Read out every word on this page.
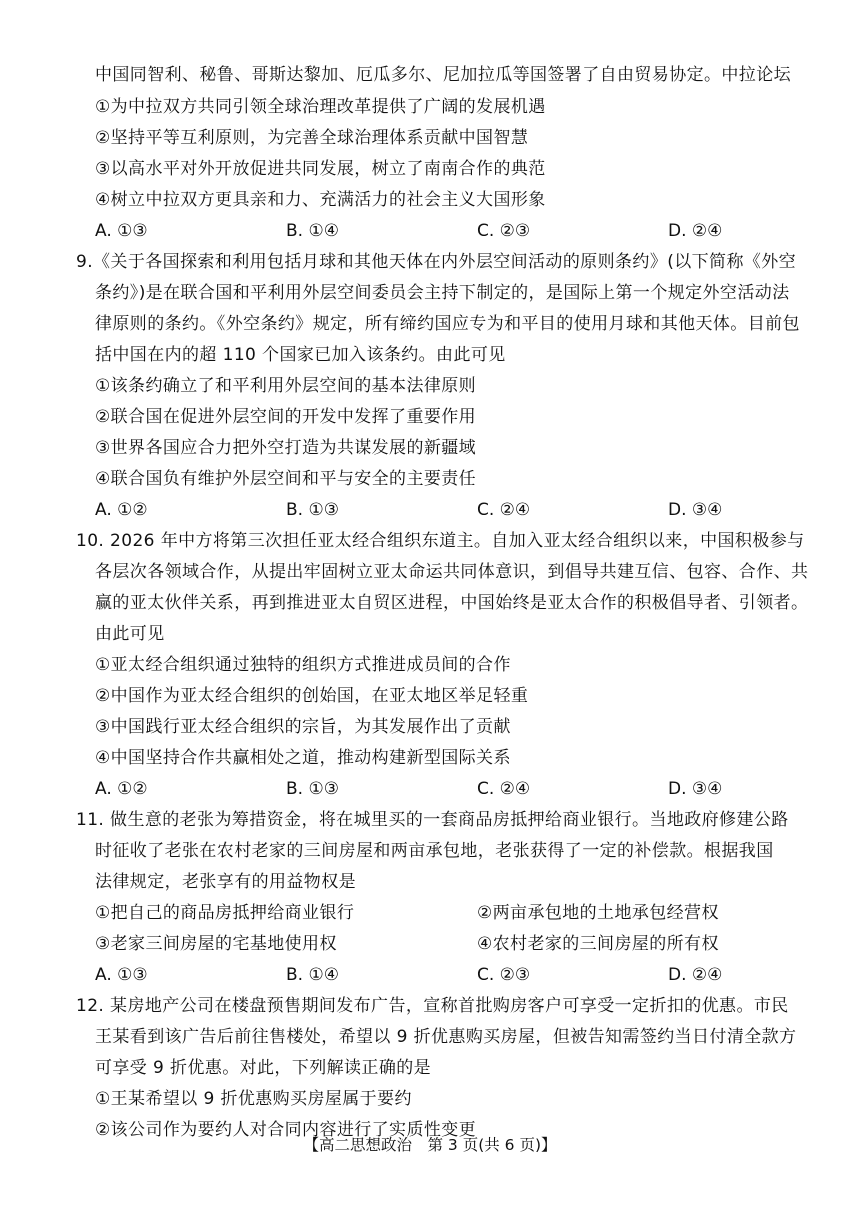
中国同智利、秘鲁、哥斯达黎加、厄瓜多尔、尼加拉瓜等国签署了自由贸易协定。中拉论坛
①为中拉双方共同引领全球治理改革提供了广阔的发展机遇
②坚持平等互利原则，为完善全球治理体系贡献中国智慧
③以高水平对外开放促进共同发展，树立了南南合作的典范
④树立中拉双方更具亲和力、充满活力的社会主义大国形象
A. ①③	B. ①④	C. ②③	D. ②④
9.《关于各国探索和利用包括月球和其他天体在内外层空间活动的原则条约》(以下简称《外空
条约》)是在联合国和平利用外层空间委员会主持下制定的，是国际上第一个规定外空活动法
律原则的条约。《外空条约》规定，所有缔约国应专为和平目的使用月球和其他天体。目前包
括中国在内的超 110 个国家已加入该条约。由此可见
①该条约确立了和平利用外层空间的基本法律原则
②联合国在促进外层空间的开发中发挥了重要作用
③世界各国应合力把外空打造为共谋发展的新疆域
④联合国负有维护外层空间和平与安全的主要责任
A. ①②	B. ①③	C. ②④	D. ③④
10. 2026 年中方将第三次担任亚太经合组织东道主。自加入亚太经合组织以来，中国积极参与
各层次各领域合作，从提出牢固树立亚太命运共同体意识，到倡导共建互信、包容、合作、共
赢的亚太伙伴关系，再到推进亚太自贸区进程，中国始终是亚太合作的积极倡导者、引领者。
由此可见
①亚太经合组织通过独特的组织方式推进成员间的合作
②中国作为亚太经合组织的创始国，在亚太地区举足轻重
③中国践行亚太经合组织的宗旨，为其发展作出了贡献
④中国坚持合作共赢相处之道，推动构建新型国际关系
A. ①②	B. ①③	C. ②④	D. ③④
11. 做生意的老张为筹措资金，将在城里买的一套商品房抵押给商业银行。当地政府修建公路
时征收了老张在农村老家的三间房屋和两亩承包地，老张获得了一定的补偿款。根据我国
法律规定，老张享有的用益物权是
①把自己的商品房抵押给商业银行	②两亩承包地的土地承包经营权
③老家三间房屋的宅基地使用权	④农村老家的三间房屋的所有权
A. ①③	B. ①④	C. ②③	D. ②④
12. 某房地产公司在楼盘预售期间发布广告，宣称首批购房客户可享受一定折扣的优惠。市民
王某看到该广告后前往售楼处，希望以 9 折优惠购买房屋，但被告知需签约当日付清全款方
可享受 9 折优惠。对此，下列解读正确的是
①王某希望以 9 折优惠购买房屋属于要约
②该公司作为要约人对合同内容进行了实质性变更
【高二思想政治　第 3 页(共 6 页)】
